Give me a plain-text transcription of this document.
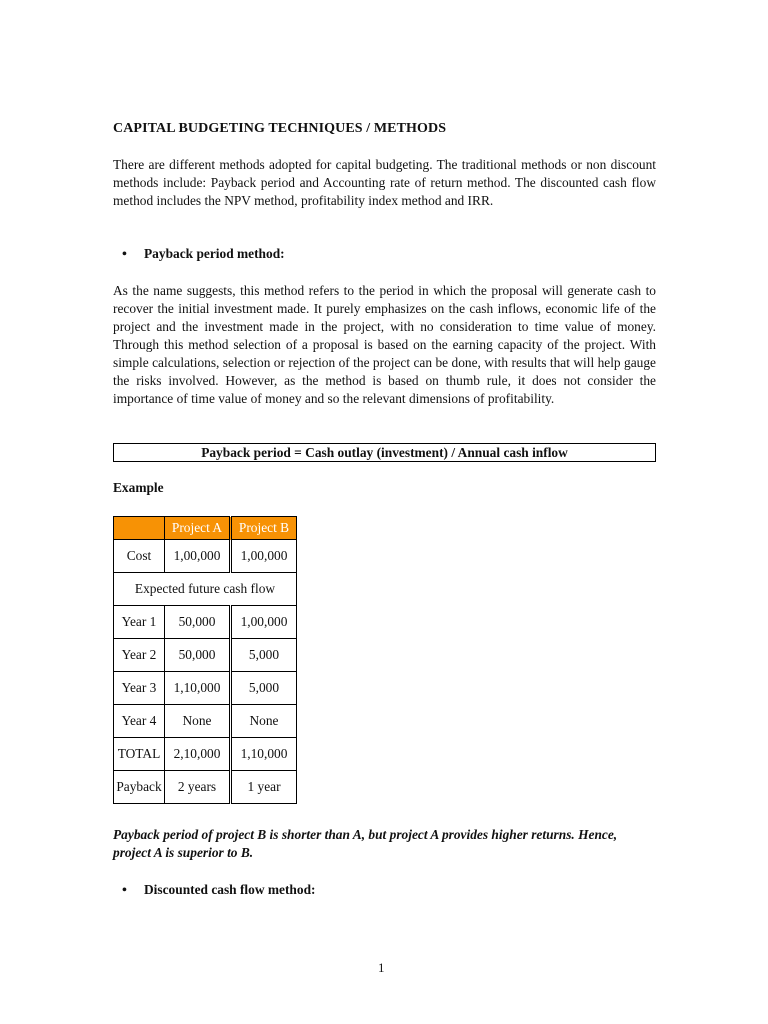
CAPITAL BUDGETING TECHNIQUES / METHODS

There are different methods adopted for capital budgeting. The traditional methods or non discount methods include: Payback period and Accounting rate of return method. The discounted cash flow method includes the NPV method, profitability index method and IRR.

• Payback period method:

As the name suggests, this method refers to the period in which the proposal will generate cash to recover the initial investment made. It purely emphasizes on the cash inflows, economic life of the project and the investment made in the project, with no consideration to time value of money. Through this method selection of a proposal is based on the earning capacity of the project. With simple calculations, selection or rejection of the project can be done, with results that will help gauge the risks involved. However, as the method is based on thumb rule, it does not consider the importance of time value of money and so the relevant dimensions of profitability.

Payback period = Cash outlay (investment) / Annual cash inflow
Example
	Project A	Project B
Cost	1,00,000	1,00,000
Expected future cash flow		
Year 1	50,000	1,00,000
Year 2	50,000	5,000
Year 3	1,10,000	5,000
Year 4	None	None
TOTAL	2,10,000	1,10,000
Payback	2 years	1 year

Payback period of project B is shorter than A, but project A provides higher returns. Hence, project A is superior to B.

• Discounted cash flow method:
1
